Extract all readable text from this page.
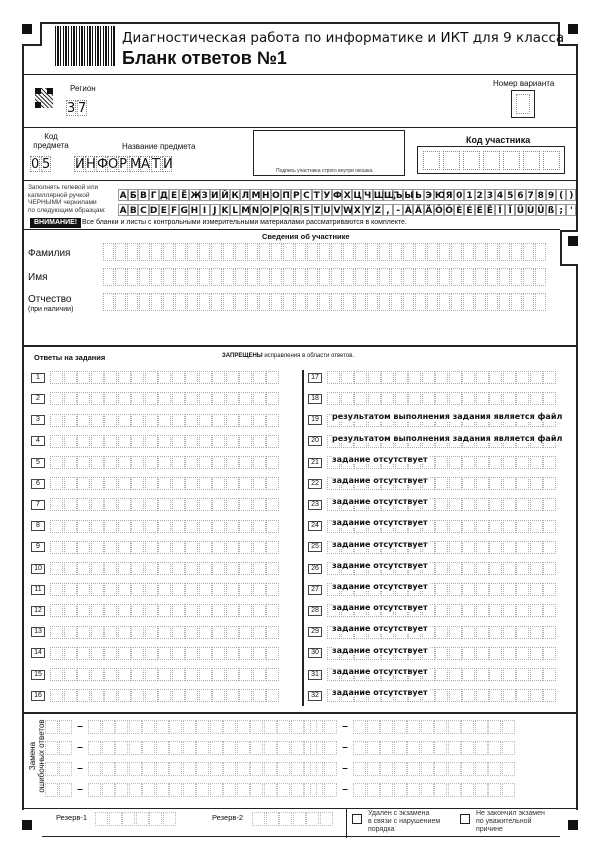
Диагностическая работа по информатике и ИКТ для 9 класса
Бланк ответов №1
Регион
3 7
Номер варианта
Код
предмета
0 5
Название предмета
ИНФОР МА Т И	Подпись участника строго внутри окошка.
Код участника
Заполнять гелевой или
капиллярной ручкой
ЧЕРНЫМИ чернилами
по следующим образцам:
А Б В Г Д Е Ё ЖЗ И Й К Л М Н О П Р С Т У Ф Х Ц Ч ШЩЪ Ы Ь Э ЮЯ 0 1 2 3 4 5 6 7 8 9 ( )
A B C D E F G H I J K L M N O P Q R S T U V WX Y Z , - À Â Ä Ô Ö È É Ê Ë Î Ï Û Ù Ü ß ; '
ВНИМАНИЕ! Все бланки и листы с контрольными измерительными материалами рассматриваются в комплекте.
Сведения об участнике
Фамилия
Имя
Отчество
(при наличии)
Ответы на задания	ЗАПРЕЩЕНЫ исправления в области ответов.
1
2
3
4
5
6
7
8
9
10
11
12
13
14
15
16
17
18
19 результатом выполнения задания является файл
20 результатом выполнения задания является файл
21 задание отсутствует
22 задание отсутствует
23 задание отсутствует
24 задание отсутствует
25 задание отсутствует
26 задание отсутствует
27 задание отсутствует
28 задание отсутствует
29 задание отсутствует
30 задание отсутствует
31 задание отсутствует
32 задание отсутствует
Замена ошибочных ответов	–	–
–	–
–	–
–	–
Резерв-1	Резерв-2	Удален с экзамена
в связи с нарушением
порядка
Не закончил экзамен
по уважительной
причине
